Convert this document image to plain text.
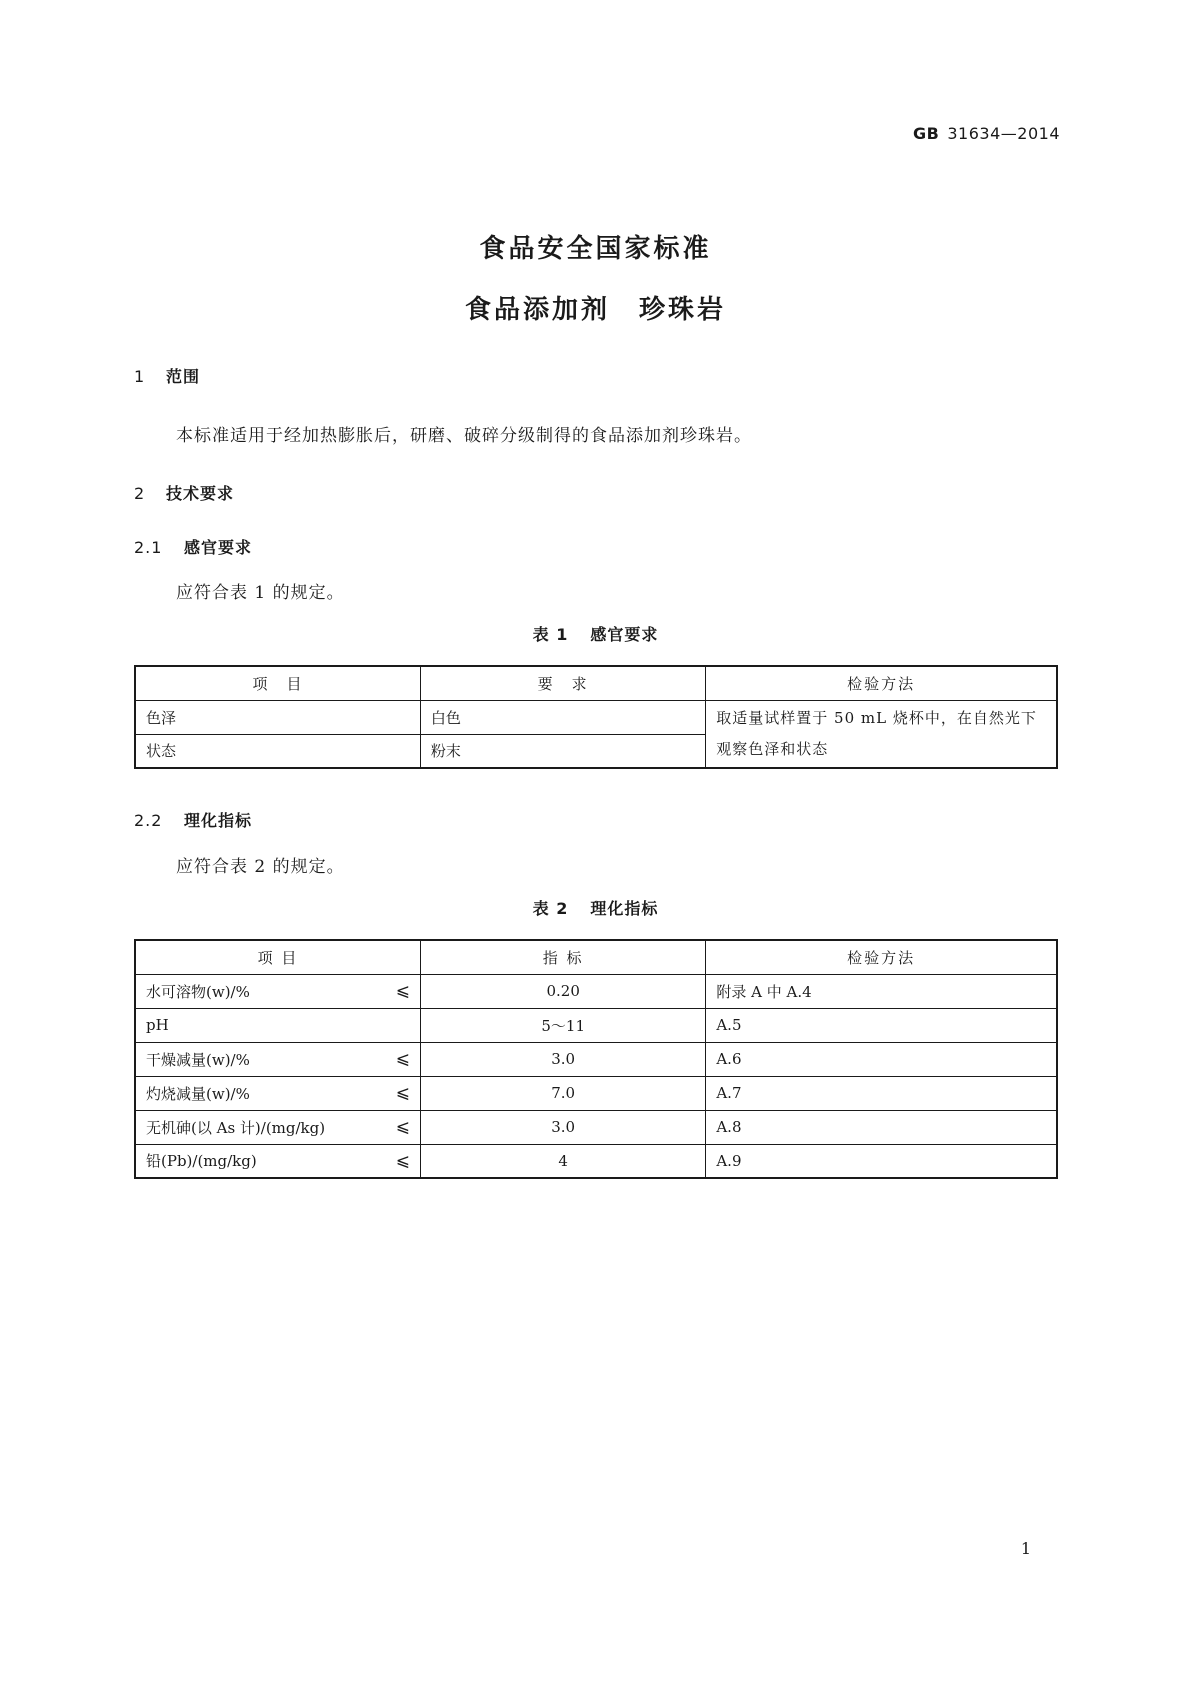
GB 31634—2014
食品安全国家标准
食品添加剂　珍珠岩
1 范围
本标准适用于经加热膨胀后，研磨、破碎分级制得的食品添加剂珍珠岩。
2 技术要求
2.1 感官要求
应符合表 1 的规定。
表 1 感官要求
项　目	要　求	检验方法
色泽	白色	取适量试样置于 50 mL 烧杯中，在自然光下观察色泽和状态
状态	粉末	
2.2 理化指标
应符合表 2 的规定。
表 2 理化指标
项 目	指 标	检验方法
水可溶物(w)/% ⩽	0.20	附录 A 中 A.4
pH	5～11	A.5
干燥减量(w)/% ⩽	3.0	A.6
灼烧减量(w)/% ⩽	7.0	A.7
无机砷(以 As 计)/(mg/kg) ⩽	3.0	A.8
铅(Pb)/(mg/kg) ⩽	4	A.9
1
